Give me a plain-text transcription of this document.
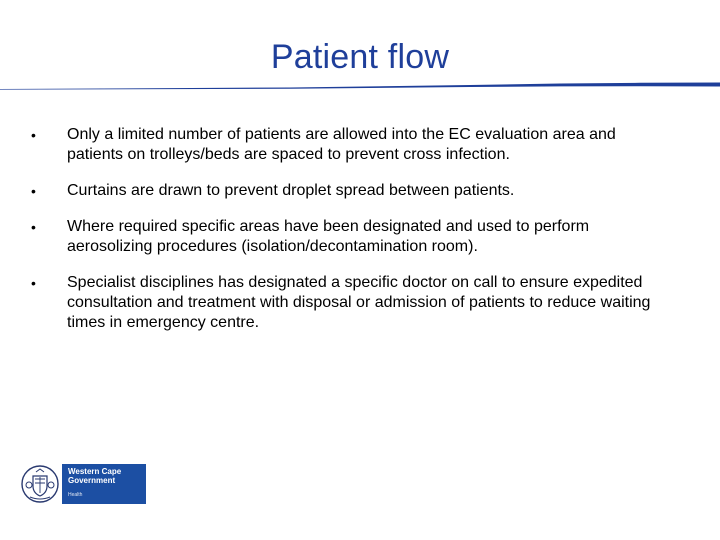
Patient flow
• Only a limited number of patients are allowed into the EC evaluation area and patients on trolleys/beds are spaced to prevent cross infection.
• Curtains are drawn to prevent droplet spread between patients.
• Where required specific areas have been designated and used to perform aerosolizing procedures (isolation/decontamination room).
• Specialist disciplines has designated a specific doctor on call to ensure expedited consultation and treatment with disposal or admission of patients to reduce waiting times in emergency centre.
Western Cape
Government
Health
